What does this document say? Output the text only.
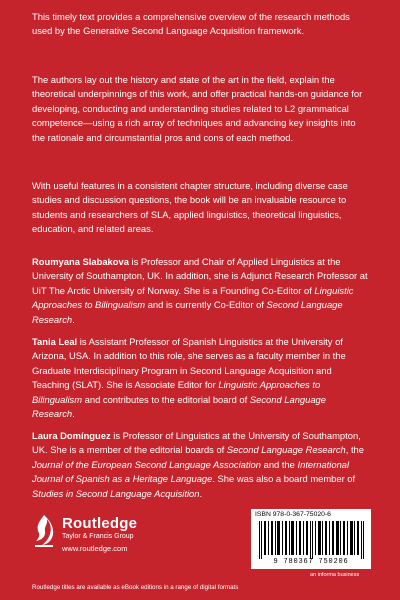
This timely text provides a comprehensive overview of the research methods used by the Generative Second Language Acquisition framework.

The authors lay out the history and state of the art in the field, explain the theoretical underpinnings of this work, and offer practical hands-on guidance for developing, conducting and understanding studies related to L2 grammatical competence—using a rich array of techniques and advancing key insights into the rationale and circumstantial pros and cons of each method.

With useful features in a consistent chapter structure, including diverse case studies and discussion questions, the book will be an invaluable resource to students and researchers of SLA, applied linguistics, theoretical linguistics, education, and related areas.

Roumyana Slabakova is Professor and Chair of Applied Linguistics at the University of Southampton, UK. In addition, she is Adjunct Research Professor at UiT The Arctic University of Norway. She is a Founding Co-Editor of Linguistic Approaches to Bilingualism and is currently Co-Editor of Second Language Research.

Tania Leal is Assistant Professor of Spanish Linguistics at the University of Arizona, USA. In addition to this role, she serves as a faculty member in the Graduate Interdisciplinary Program in Second Language Acquisition and Teaching (SLAT). She is Associate Editor for Linguistic Approaches to Bilingualism and contributes to the editorial board of Second Language Research.

Laura Domínguez is Professor of Linguistics at the University of Southampton, UK. She is a member of the editorial boards of Second Language Research, the Journal of the European Second Language Association and the International Journal of Spanish as a Heritage Language. She was also a board member of Studies in Second Language Acquisition.

Routledge
Taylor & Francis Group
www.routledge.com
ISBN 978-0-367-75020-6
9 780367 750206
an informa business
Routledge titles are available as eBook editions in a range of digital formats
